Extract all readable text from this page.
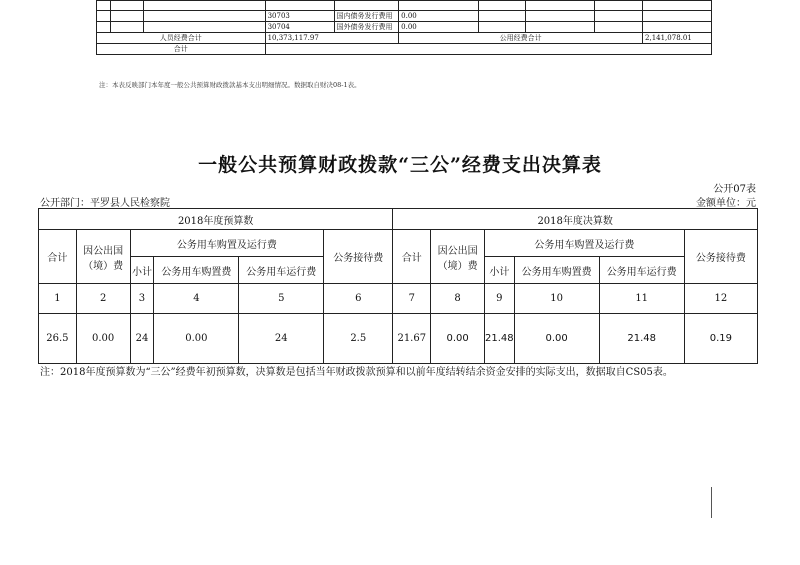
			30703	国内债务发行费用	0.00				
			30704	国外债务发行费用	0.00				
人员经费合计			10,373,117.97		公用经费合计				2,141,078.01
合计									
注：本表反映部门本年度一般公共预算财政拨款基本支出明细情况。数据取自财决08-1表。
一般公共预算财政拨款“三公”经费支出决算表
公开07表
公开部门：平罗县人民检察院	金额单位：元
2018年度预算数						2018年度决算数					
合计	因公出国（境）费	公务用车购置及运行费			公务接待费	合计	因公出国（境）费	公务用车购置及运行费			公务接待费
		小计	公务用车购置费	公务用车运行费				小计	公务用车购置费	公务用车运行费	
1	2	3	4	5	6	7	8	9	10	11	12
26.5	0.00	24	0.00	24	2.5	21.67	0.00	21.48	0.00	21.48	0.19
注：2018年度预算数为“三公”经费年初预算数，决算数是包括当年财政拨款预算和以前年度结转结余资金安排的实际支出，数据取自CS05表。
